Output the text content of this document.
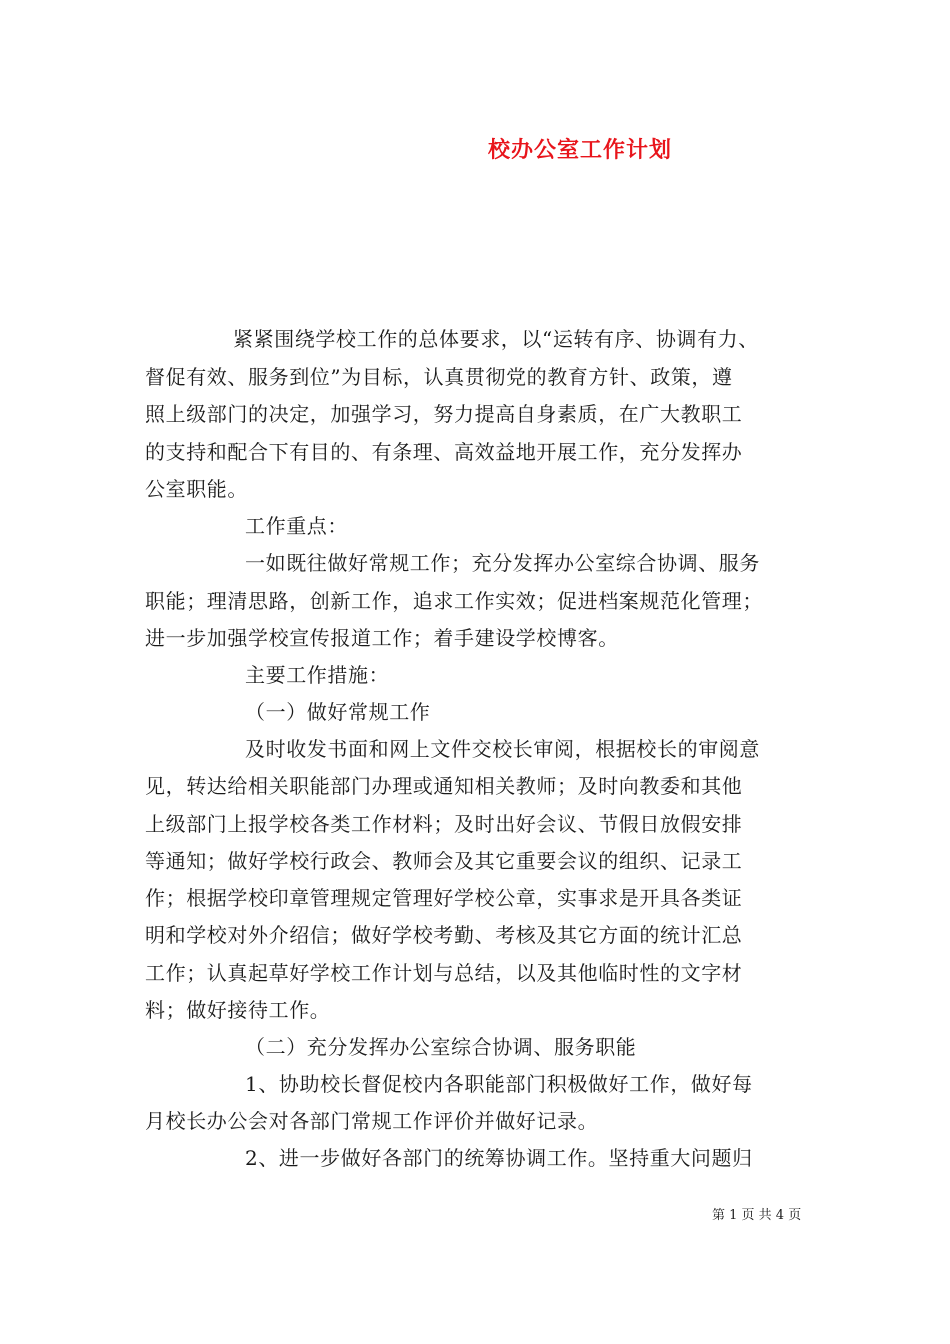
校办公室工作计划
紧紧围绕学校工作的总体要求，以“运转有序、协调有力、
督促有效、服务到位”为目标，认真贯彻党的教育方针、政策，遵
照上级部门的决定，加强学习，努力提高自身素质，在广大教职工
的支持和配合下有目的、有条理、高效益地开展工作，充分发挥办
公室职能。
工作重点：
一如既往做好常规工作；充分发挥办公室综合协调、服务
职能；理清思路，创新工作，追求工作实效；促进档案规范化管理；
进一步加强学校宣传报道工作；着手建设学校博客。
主要工作措施：
（一）做好常规工作
及时收发书面和网上文件交校长审阅，根据校长的审阅意
见，转达给相关职能部门办理或通知相关教师；及时向教委和其他
上级部门上报学校各类工作材料；及时出好会议、节假日放假安排
等通知；做好学校行政会、教师会及其它重要会议的组织、记录工
作；根据学校印章管理规定管理好学校公章，实事求是开具各类证
明和学校对外介绍信；做好学校考勤、考核及其它方面的统计汇总
工作；认真起草好学校工作计划与总结，以及其他临时性的文字材
料；做好接待工作。
（二）充分发挥办公室综合协调、服务职能
1、协助校长督促校内各职能部门积极做好工作，做好每
月校长办公会对各部门常规工作评价并做好记录。
2、进一步做好各部门的统筹协调工作。坚持重大问题归
第 1 页 共 4 页
